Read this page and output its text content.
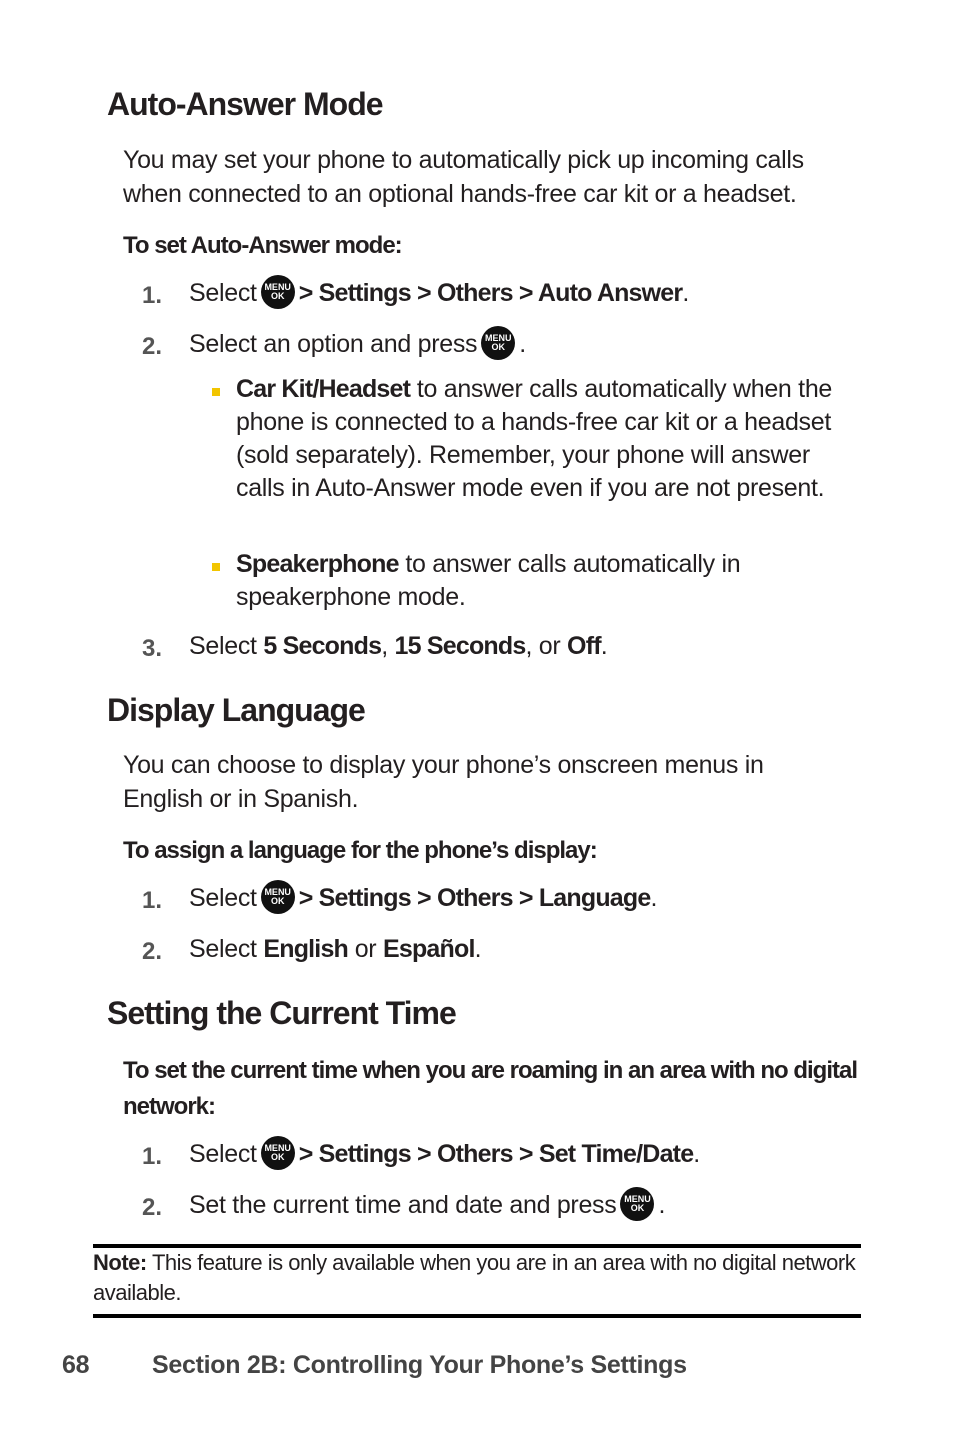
Auto-Answer Mode
You may set your phone to automatically pick up incoming calls when connected to an optional hands-free car kit or a headset.
To set Auto-Answer mode:
1. Select MENU
OK > Settings > Others > Auto Answer.
2. Select an option and press MENU
OK .
Car Kit/Headset to answer calls automatically when the phone is connected to a hands-free car kit or a headset (sold separately). Remember, your phone will answer calls in Auto-Answer mode even if you are not present.
Speakerphone to answer calls automatically in speakerphone mode.
3. Select 5 Seconds, 15 Seconds, or Off.
Display Language
You can choose to display your phone’s onscreen menus in English or in Spanish.
To assign a language for the phone’s display:
1. Select MENU
OK > Settings > Others > Language.
2. Select English or Español.
Setting the Current Time
To set the current time when you are roaming in an area with no digital network:
1. Select MENU
OK > Settings > Others > Set Time/Date.
2. Set the current time and date and press MENU
OK .
Note: This feature is only available when you are in an area with no digital network available.
68	Section 2B: Controlling Your Phone’s Settings
